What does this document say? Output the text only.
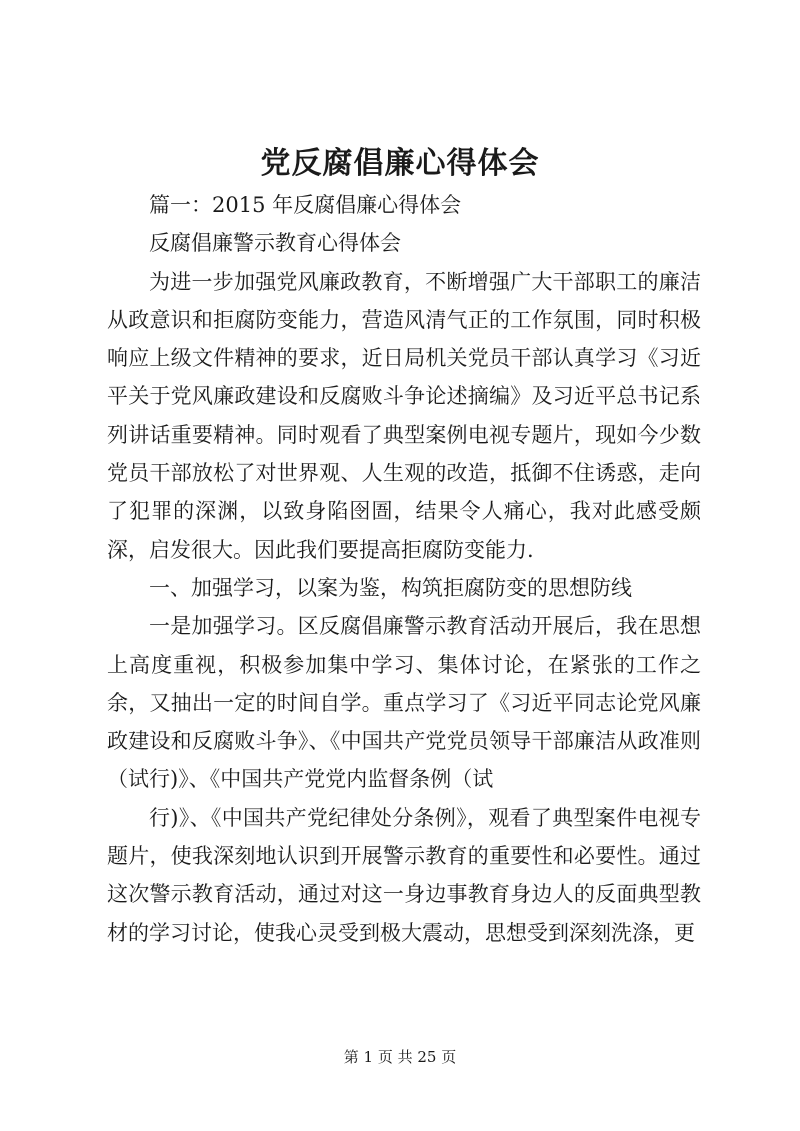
党反腐倡廉心得体会

篇一：2015 年反腐倡廉心得体会

反腐倡廉警示教育心得体会

为进一步加强党风廉政教育，不断增强广大干部职工的廉洁从政意识和拒腐防变能力，营造风清气正的工作氛围，同时积极响应上级文件精神的要求，近日局机关党员干部认真学习《习近平关于党风廉政建设和反腐败斗争论述摘编》及习近平总书记系列讲话重要精神。同时观看了典型案例电视专题片，现如今少数党员干部放松了对世界观、人生观的改造，抵御不住诱惑，走向了犯罪的深渊，以致身陷囹圄，结果令人痛心，我对此感受颇深，启发很大。因此我们要提高拒腐防变能力.

一、加强学习，以案为鉴，构筑拒腐防变的思想防线

一是加强学习。区反腐倡廉警示教育活动开展后，我在思想上高度重视，积极参加集中学习、集体讨论，在紧张的工作之余，又抽出一定的时间自学。重点学习了《习近平同志论党风廉政建设和反腐败斗争》、《中国共产党党员领导干部廉洁从政准则（试行)》、《中国共产党党内监督条例（试

行)》、《中国共产党纪律处分条例》，观看了典型案件电视专题片，使我深刻地认识到开展警示教育的重要性和必要性。通过这次警示教育活动，通过对这一身边事教育身边人的反面典型教材的学习讨论，使我心灵受到极大震动，思想受到深刻洗涤，更

第 1 页 共 25 页
